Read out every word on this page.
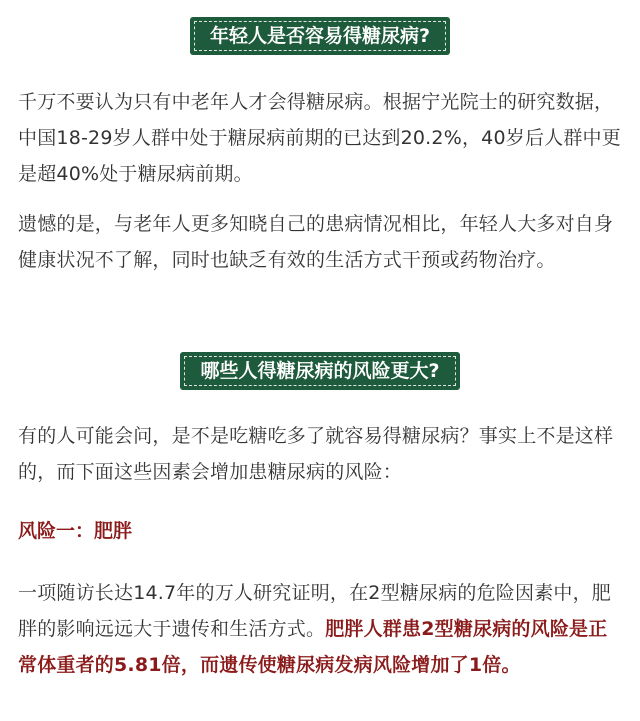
年轻人是否容易得糖尿病?

千万不要认为只有中老年人才会得糖尿病。根据宁光院士的研究数据，中国18-29岁人群中处于糖尿病前期的已达到20.2%，40岁后人群中更是超40%处于糖尿病前期。

遗憾的是，与老年人更多知晓自己的患病情况相比，年轻人大多对自身健康状况不了解，同时也缺乏有效的生活方式干预或药物治疗。

哪些人得糖尿病的风险更大?

有的人可能会问，是不是吃糖吃多了就容易得糖尿病？事实上不是这样的，而下面这些因素会增加患糖尿病的风险：

风险一：肥胖

一项随访长达14.7年的万人研究证明，在2型糖尿病的危险因素中，肥胖的影响远远大于遗传和生活方式。肥胖人群患2型糖尿病的风险是正常体重者的5.81倍，而遗传使糖尿病发病风险增加了1倍。
